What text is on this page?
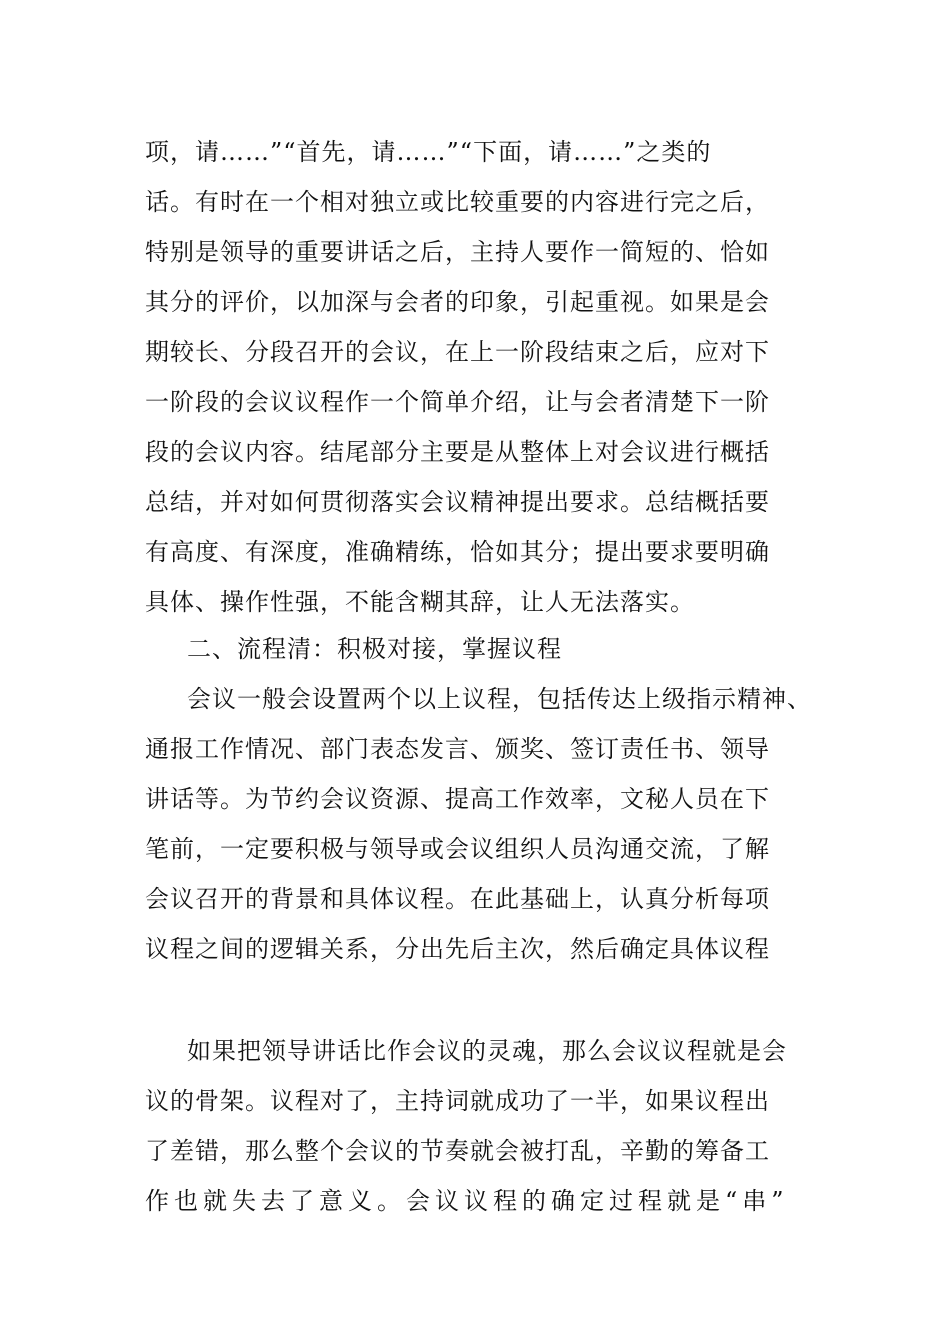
项，请……”“首先，请……”“下面，请……”之类的
话。有时在一个相对独立或比较重要的内容进行完之后，
特别是领导的重要讲话之后，主持人要作一简短的、恰如
其分的评价，以加深与会者的印象，引起重视。如果是会
期较长、分段召开的会议，在上一阶段结束之后，应对下
一阶段的会议议程作一个简单介绍，让与会者清楚下一阶
段的会议内容。结尾部分主要是从整体上对会议进行概括
总结，并对如何贯彻落实会议精神提出要求。总结概括要
有高度、有深度，准确精练，恰如其分；提出要求要明确
具体、操作性强，不能含糊其辞，让人无法落实。
二、流程清：积极对接，掌握议程
会议一般会设置两个以上议程，包括传达上级指示精神、
通报工作情况、部门表态发言、颁奖、签订责任书、领导
讲话等。为节约会议资源、提高工作效率，文秘人员在下
笔前，一定要积极与领导或会议组织人员沟通交流，了解
会议召开的背景和具体议程。在此基础上，认真分析每项
议程之间的逻辑关系，分出先后主次，然后确定具体议程
如果把领导讲话比作会议的灵魂，那么会议议程就是会
议的骨架。议程对了，主持词就成功了一半，如果议程出
了差错，那么整个会议的节奏就会被打乱，辛勤的筹备工
作也就失去了意义。会议议程的确定过程就是“串”
